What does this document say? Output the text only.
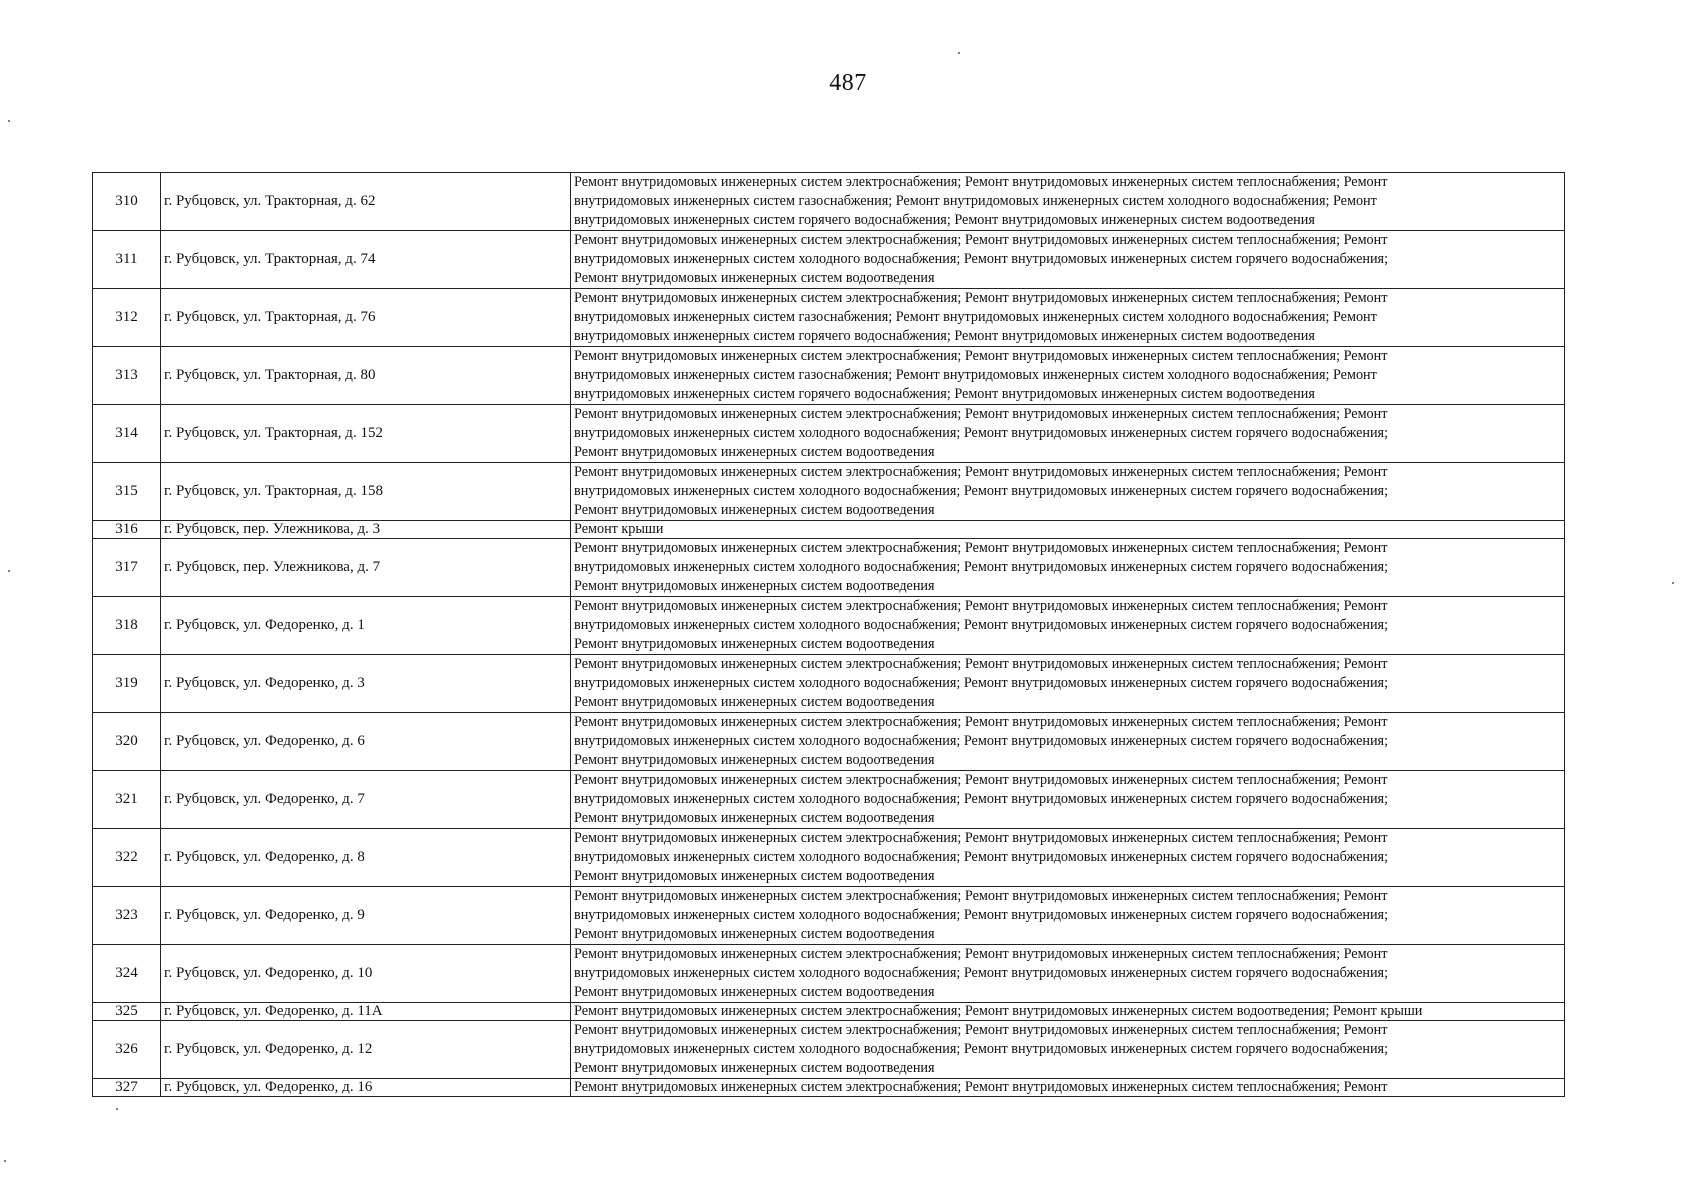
487
310	г. Рубцовск, ул. Тракторная, д. 62	Ремонт внутридомовых инженерных систем электроснабжения; Ремонт внутридомовых инженерных систем теплоснабжения; Ремонт
внутридомовых инженерных систем газоснабжения; Ремонт внутридомовых инженерных систем холодного водоснабжения; Ремонт
внутридомовых инженерных систем горячего водоснабжения; Ремонт внутридомовых инженерных систем водоотведения

311	г. Рубцовск, ул. Тракторная, д. 74	Ремонт внутридомовых инженерных систем электроснабжения; Ремонт внутридомовых инженерных систем теплоснабжения; Ремонт
внутридомовых инженерных систем холодного водоснабжения; Ремонт внутридомовых инженерных систем горячего водоснабжения;
Ремонт внутридомовых инженерных систем водоотведения

312	г. Рубцовск, ул. Тракторная, д. 76	Ремонт внутридомовых инженерных систем электроснабжения; Ремонт внутридомовых инженерных систем теплоснабжения; Ремонт
внутридомовых инженерных систем газоснабжения; Ремонт внутридомовых инженерных систем холодного водоснабжения; Ремонт
внутридомовых инженерных систем горячего водоснабжения; Ремонт внутридомовых инженерных систем водоотведения

313	г. Рубцовск, ул. Тракторная, д. 80	Ремонт внутридомовых инженерных систем электроснабжения; Ремонт внутридомовых инженерных систем теплоснабжения; Ремонт
внутридомовых инженерных систем газоснабжения; Ремонт внутридомовых инженерных систем холодного водоснабжения; Ремонт
внутридомовых инженерных систем горячего водоснабжения; Ремонт внутридомовых инженерных систем водоотведения

314	г. Рубцовск, ул. Тракторная, д. 152	Ремонт внутридомовых инженерных систем электроснабжения; Ремонт внутридомовых инженерных систем теплоснабжения; Ремонт
внутридомовых инженерных систем холодного водоснабжения; Ремонт внутридомовых инженерных систем горячего водоснабжения;
Ремонт внутридомовых инженерных систем водоотведения

315	г. Рубцовск, ул. Тракторная, д. 158	Ремонт внутридомовых инженерных систем электроснабжения; Ремонт внутридомовых инженерных систем теплоснабжения; Ремонт
внутридомовых инженерных систем холодного водоснабжения; Ремонт внутридомовых инженерных систем горячего водоснабжения;
Ремонт внутридомовых инженерных систем водоотведения

316	г. Рубцовск, пер. Улежникова, д. 3	Ремонт крыши

317	г. Рубцовск, пер. Улежникова, д. 7	Ремонт внутридомовых инженерных систем электроснабжения; Ремонт внутридомовых инженерных систем теплоснабжения; Ремонт
внутридомовых инженерных систем холодного водоснабжения; Ремонт внутридомовых инженерных систем горячего водоснабжения;
Ремонт внутридомовых инженерных систем водоотведения

318	г. Рубцовск, ул. Федоренко, д. 1	Ремонт внутридомовых инженерных систем электроснабжения; Ремонт внутридомовых инженерных систем теплоснабжения; Ремонт
внутридомовых инженерных систем холодного водоснабжения; Ремонт внутридомовых инженерных систем горячего водоснабжения;
Ремонт внутридомовых инженерных систем водоотведения

319	г. Рубцовск, ул. Федоренко, д. 3	Ремонт внутридомовых инженерных систем электроснабжения; Ремонт внутридомовых инженерных систем теплоснабжения; Ремонт
внутридомовых инженерных систем холодного водоснабжения; Ремонт внутридомовых инженерных систем горячего водоснабжения;
Ремонт внутридомовых инженерных систем водоотведения

320	г. Рубцовск, ул. Федоренко, д. 6	Ремонт внутридомовых инженерных систем электроснабжения; Ремонт внутридомовых инженерных систем теплоснабжения; Ремонт
внутридомовых инженерных систем холодного водоснабжения; Ремонт внутридомовых инженерных систем горячего водоснабжения;
Ремонт внутридомовых инженерных систем водоотведения

321	г. Рубцовск, ул. Федоренко, д. 7	Ремонт внутридомовых инженерных систем электроснабжения; Ремонт внутридомовых инженерных систем теплоснабжения; Ремонт
внутридомовых инженерных систем холодного водоснабжения; Ремонт внутридомовых инженерных систем горячего водоснабжения;
Ремонт внутридомовых инженерных систем водоотведения

322	г. Рубцовск, ул. Федоренко, д. 8	Ремонт внутридомовых инженерных систем электроснабжения; Ремонт внутридомовых инженерных систем теплоснабжения; Ремонт
внутридомовых инженерных систем холодного водоснабжения; Ремонт внутридомовых инженерных систем горячего водоснабжения;
Ремонт внутридомовых инженерных систем водоотведения

323	г. Рубцовск, ул. Федоренко, д. 9	Ремонт внутридомовых инженерных систем электроснабжения; Ремонт внутридомовых инженерных систем теплоснабжения; Ремонт
внутридомовых инженерных систем холодного водоснабжения; Ремонт внутридомовых инженерных систем горячего водоснабжения;
Ремонт внутридомовых инженерных систем водоотведения

324	г. Рубцовск, ул. Федоренко, д. 10	Ремонт внутридомовых инженерных систем электроснабжения; Ремонт внутридомовых инженерных систем теплоснабжения; Ремонт
внутридомовых инженерных систем холодного водоснабжения; Ремонт внутридомовых инженерных систем горячего водоснабжения;
Ремонт внутридомовых инженерных систем водоотведения

325	г. Рубцовск, ул. Федоренко, д. 11А	Ремонт внутридомовых инженерных систем электроснабжения; Ремонт внутридомовых инженерных систем водоотведения; Ремонт крыши

326	г. Рубцовск, ул. Федоренко, д. 12	Ремонт внутридомовых инженерных систем электроснабжения; Ремонт внутридомовых инженерных систем теплоснабжения; Ремонт
внутридомовых инженерных систем холодного водоснабжения; Ремонт внутридомовых инженерных систем горячего водоснабжения;
Ремонт внутридомовых инженерных систем водоотведения

327	г. Рубцовск, ул. Федоренко, д. 16	Ремонт внутридомовых инженерных систем электроснабжения; Ремонт внутридомовых инженерных систем теплоснабжения; Ремонт
